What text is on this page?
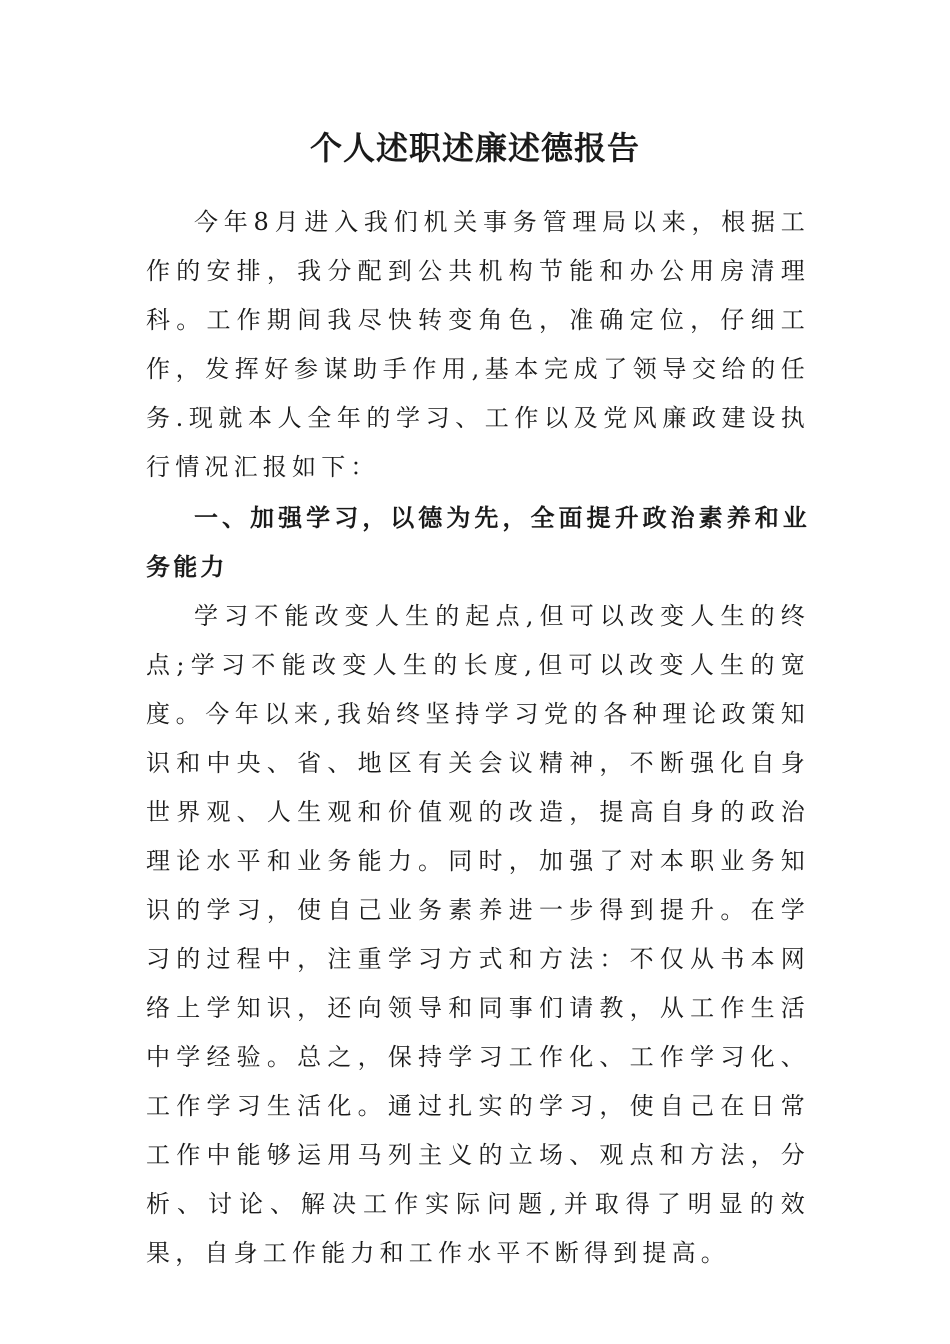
个人述职述廉述德报告

今年8月进入我们机关事务管理局以来，根据工作的安排，我分配到公共机构节能和办公用房清理科。工作期间我尽快转变角色，准确定位，仔细工作，发挥好参谋助手作用,基本完成了领导交给的任务.现就本人全年的学习、工作以及党风廉政建设执行情况汇报如下：

一、加强学习，以德为先，全面提升政治素养和业务能力

学习不能改变人生的起点,但可以改变人生的终点;学习不能改变人生的长度,但可以改变人生的宽度。今年以来,我始终坚持学习党的各种理论政策知识和中央、省、地区有关会议精神，不断强化自身世界观、人生观和价值观的改造，提高自身的政治理论水平和业务能力。同时，加强了对本职业务知识的学习，使自己业务素养进一步得到提升。在学习的过程中，注重学习方式和方法：不仅从书本网络上学知识，还向领导和同事们请教，从工作生活中学经验。总之，保持学习工作化、工作学习化、工作学习生活化。通过扎实的学习，使自己在日常工作中能够运用马列主义的立场、观点和方法，分析、讨论、解决工作实际问题,并取得了明显的效果，自身工作能力和工作水平不断得到提高。
